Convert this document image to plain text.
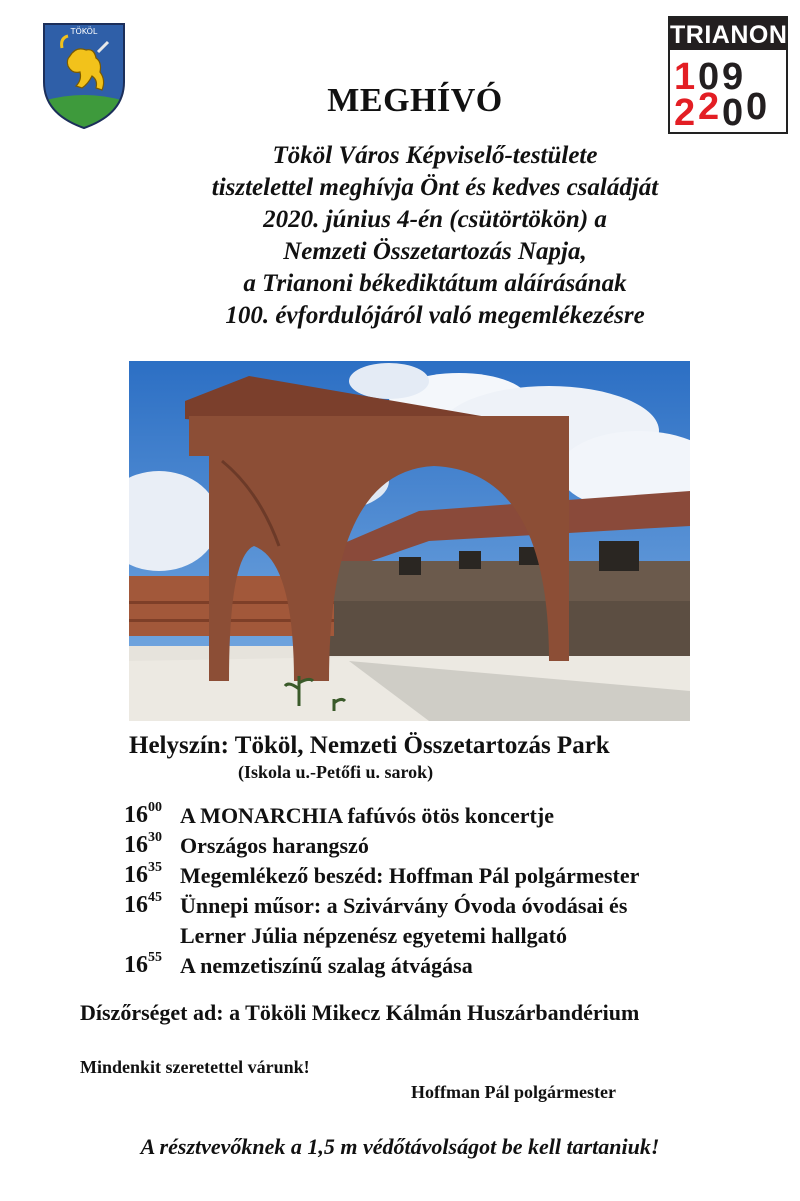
TÖKÖL	TRIANON
1 9
2 2 0
0
0
MEGHÍVÓ
Tököl Város Képviselő-testülete
tisztelettel meghívja Önt és kedves családját
2020. június 4-én (csütörtökön) a
Nemzeti Összetartozás Napja,
a Trianoni békediktátum aláírásának
100. évfordulójáról való megemlékezésre
Helyszín: Tököl, Nemzeti Összetartozás Park
(Iskola u.-Petőfi u. sarok)
$16^{00}$ A MONARCHIA fafúvós ötös koncertje
$16^{30}$ Országos harangszó
$16^{35}$ Megemlékező beszéd: Hoffman Pál polgármester
$16^{45}$ Ünnepi műsor: a Szivárvány Óvoda óvodásai és
Lerner Júlia népzenész egyetemi hallgató
$16^{55}$ A nemzetiszínű szalag átvágása
Díszőrséget ad: a Tököli Mikecz Kálmán Huszárbandérium
Mindenkit szeretettel várunk!
Hoffman Pál polgármester
A résztvevőknek a 1,5 m védőtávolságot be kell tartaniuk!
